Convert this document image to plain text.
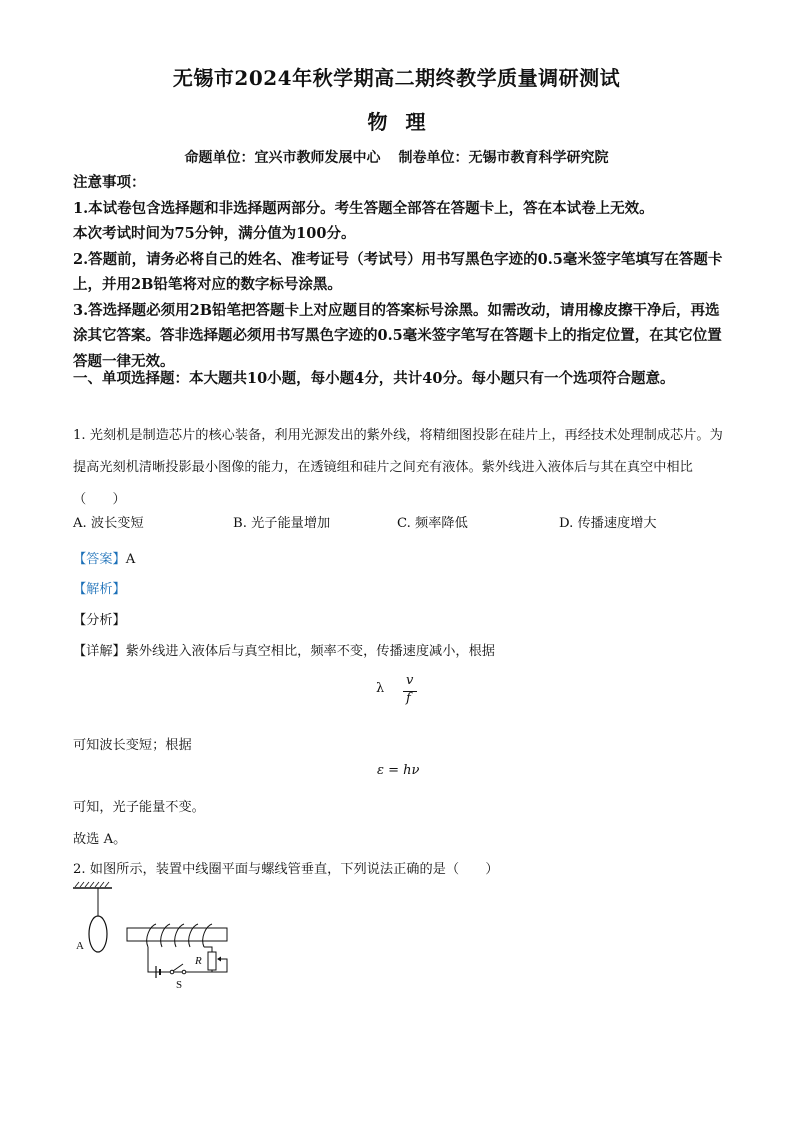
无锡市2024年秋学期高二期终教学质量调研测试
物理
命题单位：宜兴市教师发展中心 制卷单位：无锡市教育科学研究院

注意事项：

1.本试卷包含选择题和非选择题两部分。考生答题全部答在答题卡上，答在本试卷上无效。

本次考试时间为75分钟，满分值为100分。

2.答题前，请务必将自己的姓名、准考证号（考试号）用书写黑色字迹的0.5毫米签字笔填写在答题卡上，并用2B铅笔将对应的数字标号涂黑。

3.答选择题必须用2B铅笔把答题卡上对应题目的答案标号涂黑。如需改动，请用橡皮擦干净后，再选涂其它答案。答非选择题必须用书写黑色字迹的0.5毫米签字笔写在答题卡上的指定位置，在其它位置答题一律无效。

一、单项选择题：本大题共10小题，每小题4分，共计40分。每小题只有一个选项符合题意。
1. 光刻机是制造芯片的核心装备，利用光源发出的紫外线，将精细图投影在硅片上，再经技术处理制成芯片。为提高光刻机清晰投影最小图像的能力，在透镜组和硅片之间充有液体。紫外线进入液体后与其在真空中相比（　　）
A. 波长变短	B. 光子能量增加	C. 频率降低	D. 传播速度增大
【答案】A
【解析】
【分析】
【详解】紫外线进入液体后与真空相比，频率不变，传播速度减小，根据
λ
v
f
可知波长变短；根据
ε = hν
可知，光子能量不变。
故选 A。
2. 如图所示，装置中线圈平面与螺线管垂直，下列说法正确的是（　　）
A
R
S
